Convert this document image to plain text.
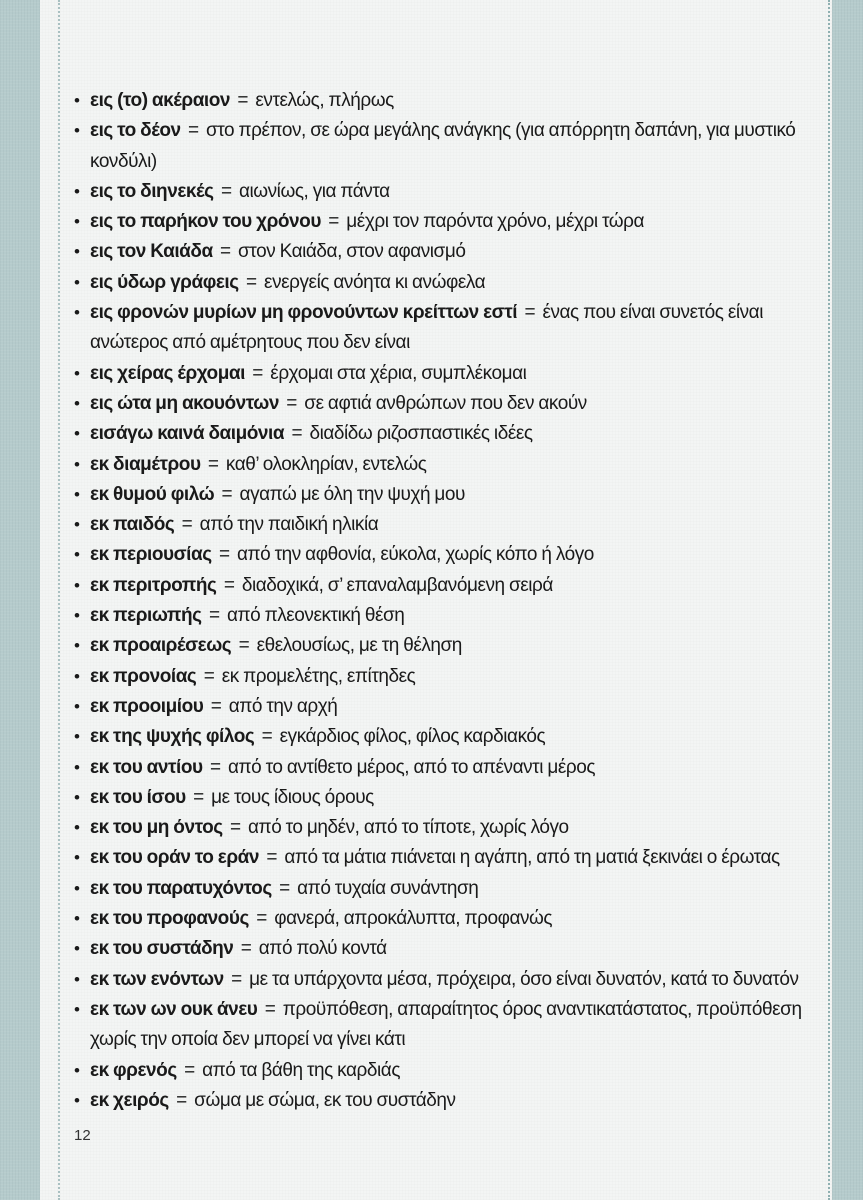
• εις (το) ακέραιον = εντελώς, πλήρως
• εις το δέον = στο πρέπον, σε ώρα μεγάλης ανάγκης (για απόρρητη δαπάνη, για μυστικό κονδύλι)
• εις το διηνεκές = αιωνίως, για πάντα
• εις το παρήκον του χρόνου = μέχρι τον παρόντα χρόνο, μέχρι τώρα
• εις τον Καιάδα = στον Καιάδα, στον αφανισμό
• εις ύδωρ γράφεις = ενεργείς ανόητα κι ανώφελα
• εις φρονών μυρίων μη φρονούντων κρείττων εστί = ένας που είναι συνετός είναι ανώτερος από αμέτρητους που δεν είναι
• εις χείρας έρχομαι = έρχομαι στα χέρια, συμπλέκομαι
• εις ώτα μη ακουόντων = σε αφτιά ανθρώπων που δεν ακούν
• εισάγω καινά δαιμόνια = διαδίδω ριζοσπαστικές ιδέες
• εκ διαμέτρου = καθ’ ολοκληρίαν, εντελώς
• εκ θυμού φιλώ = αγαπώ με όλη την ψυχή μου
• εκ παιδός = από την παιδική ηλικία
• εκ περιουσίας = από την αφθονία, εύκολα, χωρίς κόπο ή λόγο
• εκ περιτροπής = διαδοχικά, σ’ επαναλαμβανόμενη σειρά
• εκ περιωπής = από πλεονεκτική θέση
• εκ προαιρέσεως = εθελουσίως, με τη θέληση
• εκ προνοίας = εκ προμελέτης, επίτηδες
• εκ προοιμίου = από την αρχή
• εκ της ψυχής φίλος = εγκάρδιος φίλος, φίλος καρδιακός
• εκ του αντίου = από το αντίθετο μέρος, από το απέναντι μέρος
• εκ του ίσου = με τους ίδιους όρους
• εκ του μη όντος = από το μηδέν, από το τίποτε, χωρίς λόγο
• εκ του οράν το εράν = από τα μάτια πιάνεται η αγάπη, από τη ματιά ξεκινάει ο έρωτας
• εκ του παρατυχόντος = από τυχαία συνάντηση
• εκ του προφανούς = φανερά, απροκάλυπτα, προφανώς
• εκ του συστάδην = από πολύ κοντά
• εκ των ενόντων = με τα υπάρχοντα μέσα, πρόχειρα, όσο είναι δυνατόν, κατά το δυνατόν
• εκ των ων ουκ άνευ = προϋπόθεση, απαραίτητος όρος αναντικατάστατος, προϋπόθεση χωρίς την οποία δεν μπορεί να γίνει κάτι
• εκ φρενός = από τα βάθη της καρδιάς
• εκ χειρός = σώμα με σώμα, εκ του συστάδην
12
